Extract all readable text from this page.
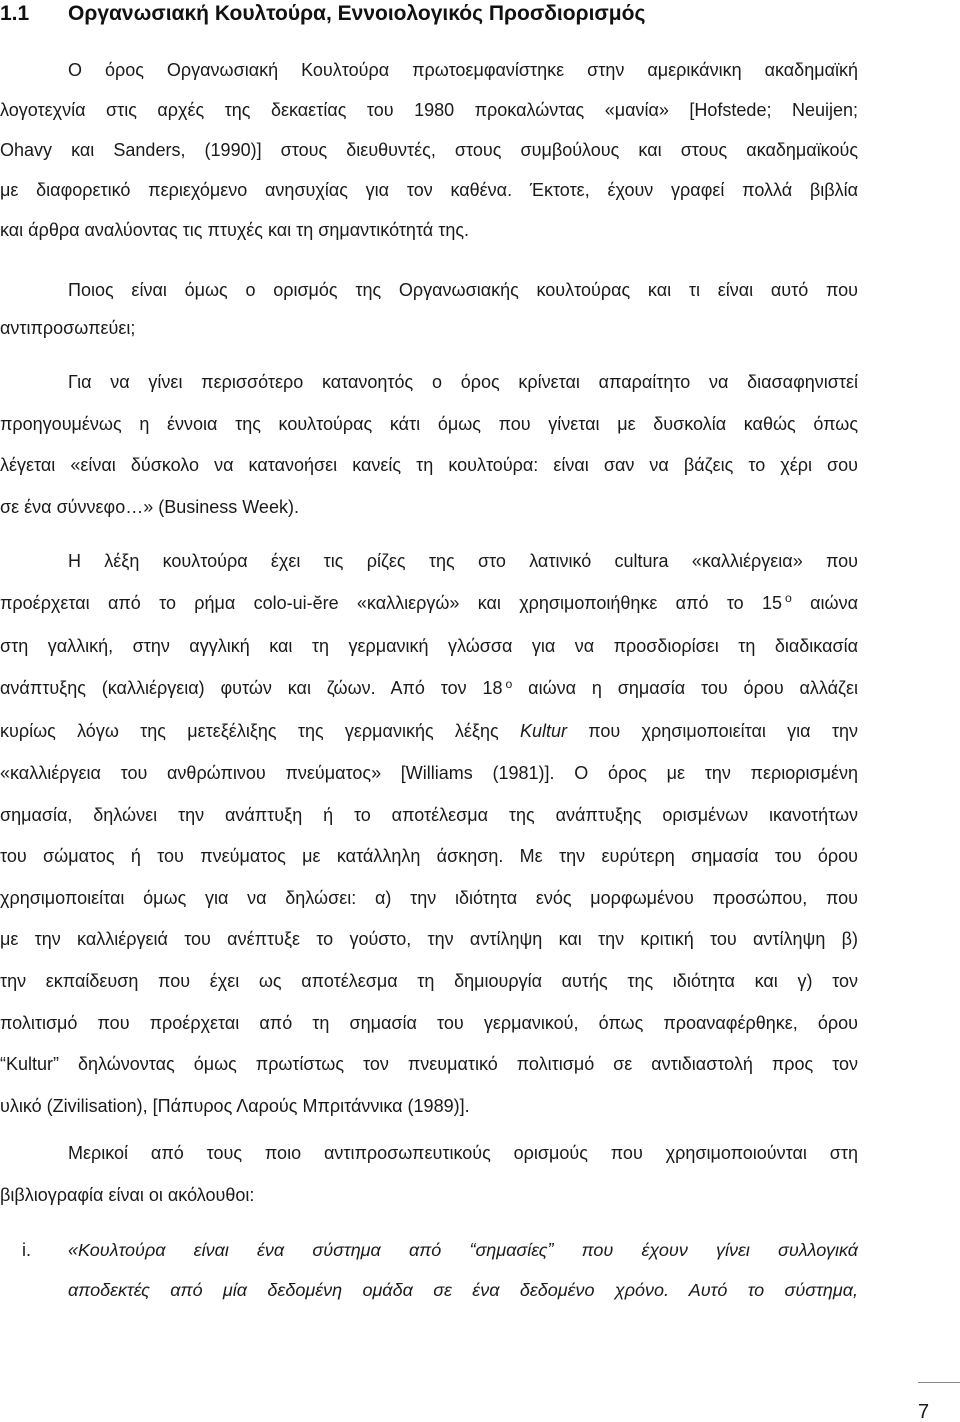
1.1	Οργανωσιακή Κουλτούρα, Εννοιολογικός Προσδιορισμός
Ο όρος Οργανωσιακή Κουλτούρα πρωτοεμφανίστηκε στην αμερικάνικη ακαδημαϊκή
λογοτεχνία στις αρχές της δεκαετίας του 1980 προκαλώντας «μανία» [Hofstede; Neuijen;
Ohavy και Sanders, (1990)] στους διευθυντές, στους συμβούλους και στους ακαδημαϊκούς
με διαφορετικό περιεχόμενο ανησυχίας για τον καθένα. Έκτοτε, έχουν γραφεί πολλά βιβλία
και άρθρα αναλύοντας τις πτυχές και τη σημαντικότητά της.
Ποιος είναι όμως ο ορισμός της Οργανωσιακής κουλτούρας και τι είναι αυτό που
αντιπροσωπεύει;
Για να γίνει περισσότερο κατανοητός ο όρος κρίνεται απαραίτητο να διασαφηνιστεί
προηγουμένως η έννοια της κουλτούρας κάτι όμως που γίνεται με δυσκολία καθώς όπως
λέγεται «είναι δύσκολο να κατανοήσει κανείς τη κουλτούρα: είναι σαν να βάζεις το χέρι σου
σε ένα σύννεφο…» (Business Week).
Η λέξη κουλτούρα έχει τις ρίζες της στο λατινικό cultura «καλλιέργεια» που
προέρχεται από το ρήμα colo-ui-ĕre «καλλιεργώ» και χρησιμοποιήθηκε από το 15 $^o$ αιώνα
στη γαλλική, στην αγγλική και τη γερμανική γλώσσα για να προσδιορίσει τη διαδικασία
ανάπτυξης (καλλιέργεια) φυτών και ζώων. Από τον 18 $^o$ αιώνα η σημασία του όρου αλλάζει
κυρίως λόγω της μετεξέλιξης της γερμανικής λέξης Kultur που χρησιμοποιείται για την
«καλλιέργεια του ανθρώπινου πνεύματος» [Williams (1981)]. Ο όρος με την περιορισμένη
σημασία, δηλώνει την ανάπτυξη ή το αποτέλεσμα της ανάπτυξης ορισμένων ικανοτήτων
του σώματος ή του πνεύματος με κατάλληλη άσκηση. Με την ευρύτερη σημασία του όρου
χρησιμοποιείται όμως για να δηλώσει: α) την ιδιότητα ενός μορφωμένου προσώπου, που
με την καλλιέργειά του ανέπτυξε το γούστο, την αντίληψη και την κριτική του αντίληψη β)
την εκπαίδευση που έχει ως αποτέλεσμα τη δημιουργία αυτής της ιδιότητα και γ) τον
πολιτισμό που προέρχεται από τη σημασία του γερμανικού, όπως προαναφέρθηκε, όρου
“Kultur” δηλώνοντας όμως πρωτίστως τον πνευματικό πολιτισμό σε αντιδιαστολή προς τον
υλικό (Zivilisation), [Πάπυρος Λαρούς Μπριτάννικα (1989)].
Μερικοί από τους ποιο αντιπροσωπευτικούς ορισμούς που χρησιμοποιούνται στη
βιβλιογραφία είναι οι ακόλουθοι:
i.	«Κουλτούρα είναι ένα σύστημα από “σημασίες” που έχουν γίνει συλλογικά
αποδεκτές από μία δεδομένη ομάδα σε ένα δεδομένο χρόνο. Αυτό το σύστημα,
7
